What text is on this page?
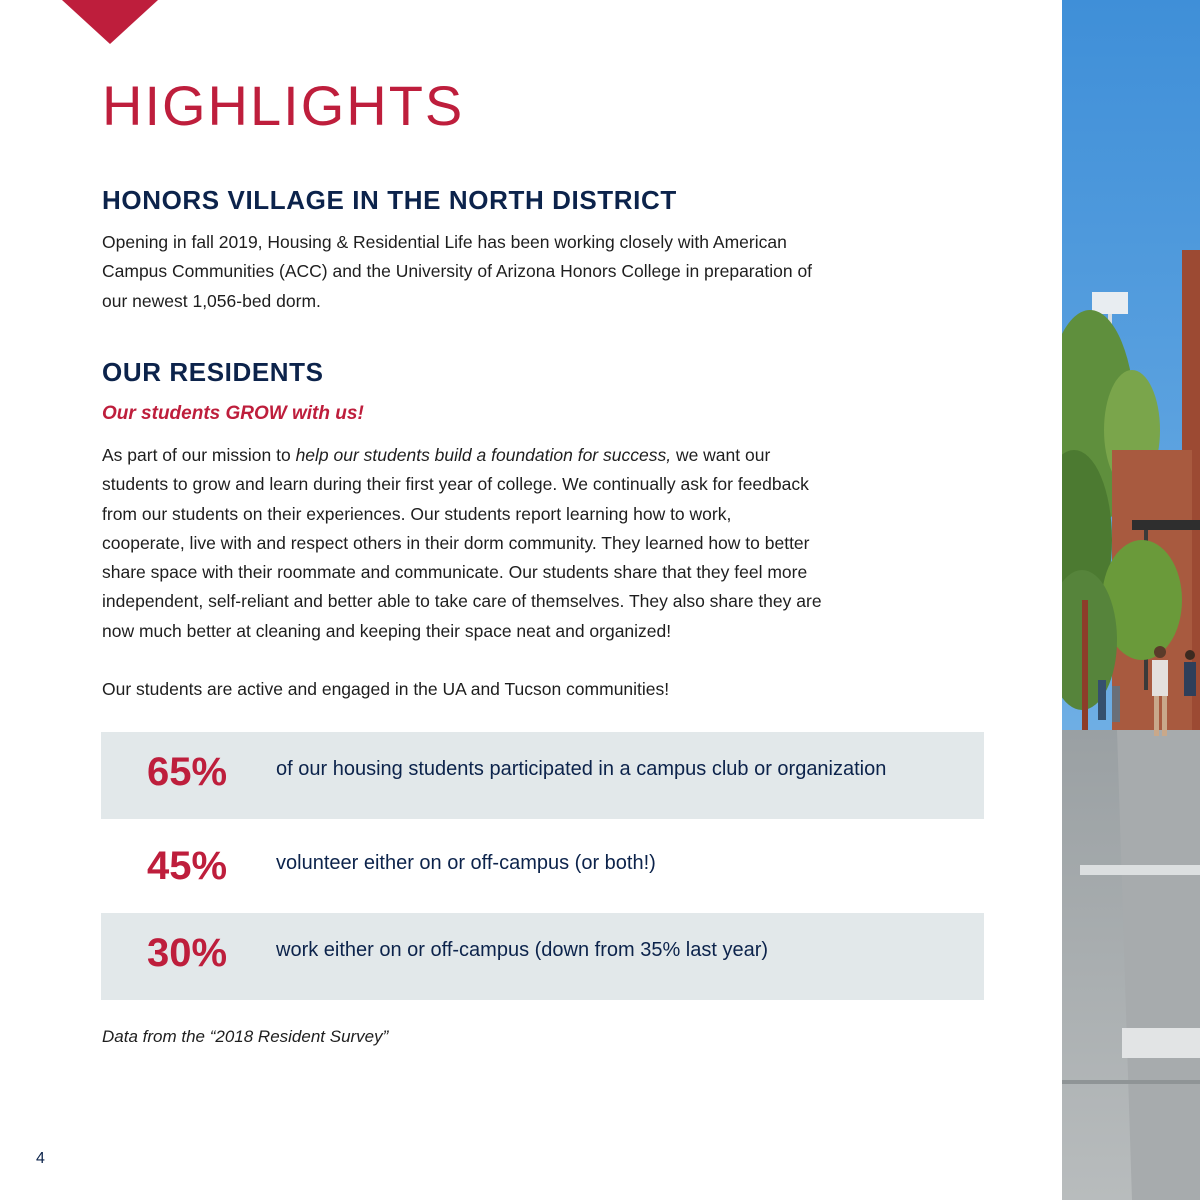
HIGHLIGHTS
HONORS VILLAGE IN THE NORTH DISTRICT

Opening in fall 2019, Housing & Residential Life has been working closely with American
Campus Communities (ACC) and the University of Arizona Honors College in preparation of
our newest 1,056-bed dorm.

OUR RESIDENTS

Our students GROW with us!

As part of our mission to help our students build a foundation for success, we want our
students to grow and learn during their first year of college. We continually ask for feedback
from our students on their experiences. Our students report learning how to work,
cooperate, live with and respect others in their dorm community. They learned how to better
share space with their roommate and communicate. Our students share that they feel more
independent, self-reliant and better able to take care of themselves. They also share they are
now much better at cleaning and keeping their space neat and organized!

Our students are active and engaged in the UA and Tucson communities!

65% of our housing students participated in a campus club or organization
45% volunteer either on or off-campus (or both!)
30% work either on or off-campus (down from 35% last year)

Data from the “2018 Resident Survey”

4
